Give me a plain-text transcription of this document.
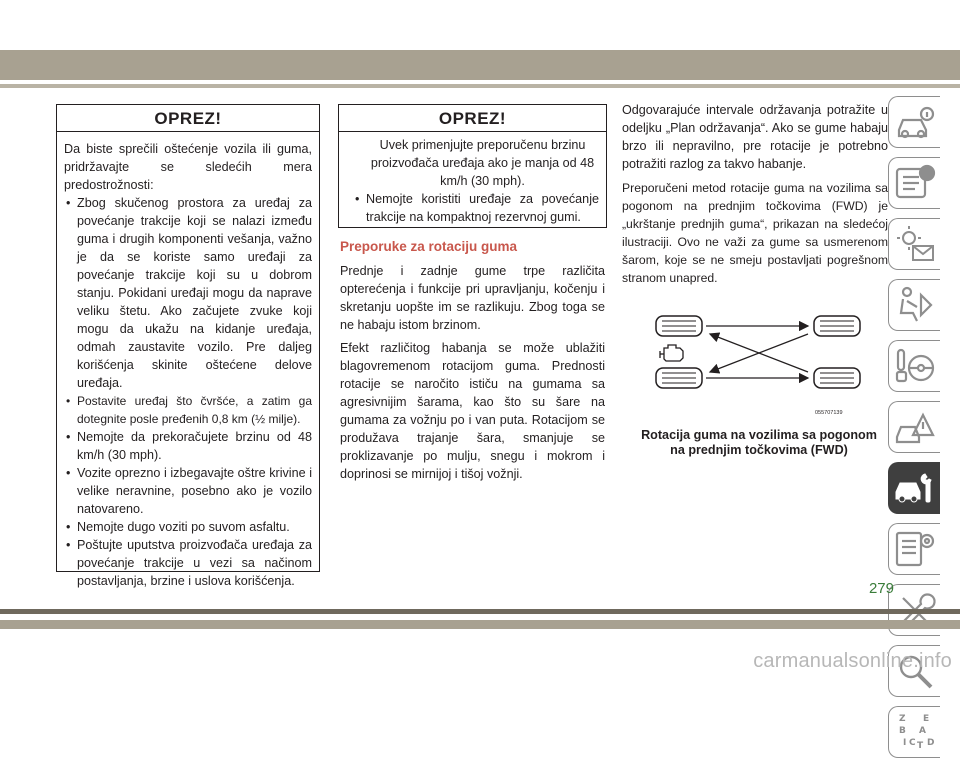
OPREZ!
Da biste sprečili oštećenje vozila ili guma, pridržavajte se sledećih mera predostrožnosti:
• Zbog skučenog prostora za uređaj za povećanje trakcije koji se nalazi između guma i drugih komponenti vešanja, važno je da se koriste samo uređaji za povećanje trakcije koji su u dobrom stanju. Pokidani uređaji mogu da naprave veliku štetu. Ako začujete zvuke koji mogu da ukažu na kidanje uređaja, odmah zaustavite vozilo. Pre daljeg korišćenja skinite oštećene delove uređaja.
• Postavite uređaj što čvršće, a zatim ga dotegnite posle pređenih 0,8 km (½ milje).
• Nemojte da prekoračujete brzinu od 48 km/h (30 mph).
• Vozite oprezno i izbegavajte oštre krivine i velike neravnine, posebno ako je vozilo natovareno.
• Nemojte dugo voziti po suvom asfaltu.
• Poštujte uputstva proizvođača uređaja za povećanje trakcije u vezi sa načinom postavljanja, brzine i uslova korišćenja.
OPREZ!
Uvek primenjujte preporučenu brzinu proizvođača uređaja ako je manja od 48 km/h (30 mph).
• Nemojte koristiti uređaje za povećanje trakcije na kompaktnoj rezervnoj gumi.
Preporuke za rotaciju guma
Prednje i zadnje gume trpe različita opterećenja i funkcije pri upravljanju, kočenju i skretanju uopšte im se razlikuju. Zbog toga se ne habaju istom brzinom.
Efekt različitog habanja se može ublažiti blagovremenom rotacijom guma. Prednosti rotacije se naročito ističu na gumama sa agresivnijim šarama, kao što su šare na gumama za vožnju po i van puta. Rotacijom se produžava trajanje šara, smanjuje se proklizavanje po mulju, snegu i mokrom i doprinosi se mirnijoj i tišoj vožnji.
Odgovarajuće intervale održavanja potražite u odeljku „Plan održavanja“. Ako se gume habaju brzo ili nepravilno, pre rotacije je potrebno potražiti razlog za takvo habanje.
Preporučeni metod rotacije guma na vozilima sa pogonom na prednjim točkovima (FWD) je „ukrštanje prednjih guma“, prikazan na sledećoj ilustraciji. Ovo ne važi za gume sa usmerenom šarom, koje se ne smeju postavljati pogrešnom stranom unapred.
055707139
Rotacija guma na vozilima sa pogonom na prednjim točkovima (FWD)
Z E
B A
I C T D
279
carmanualsonline.info
